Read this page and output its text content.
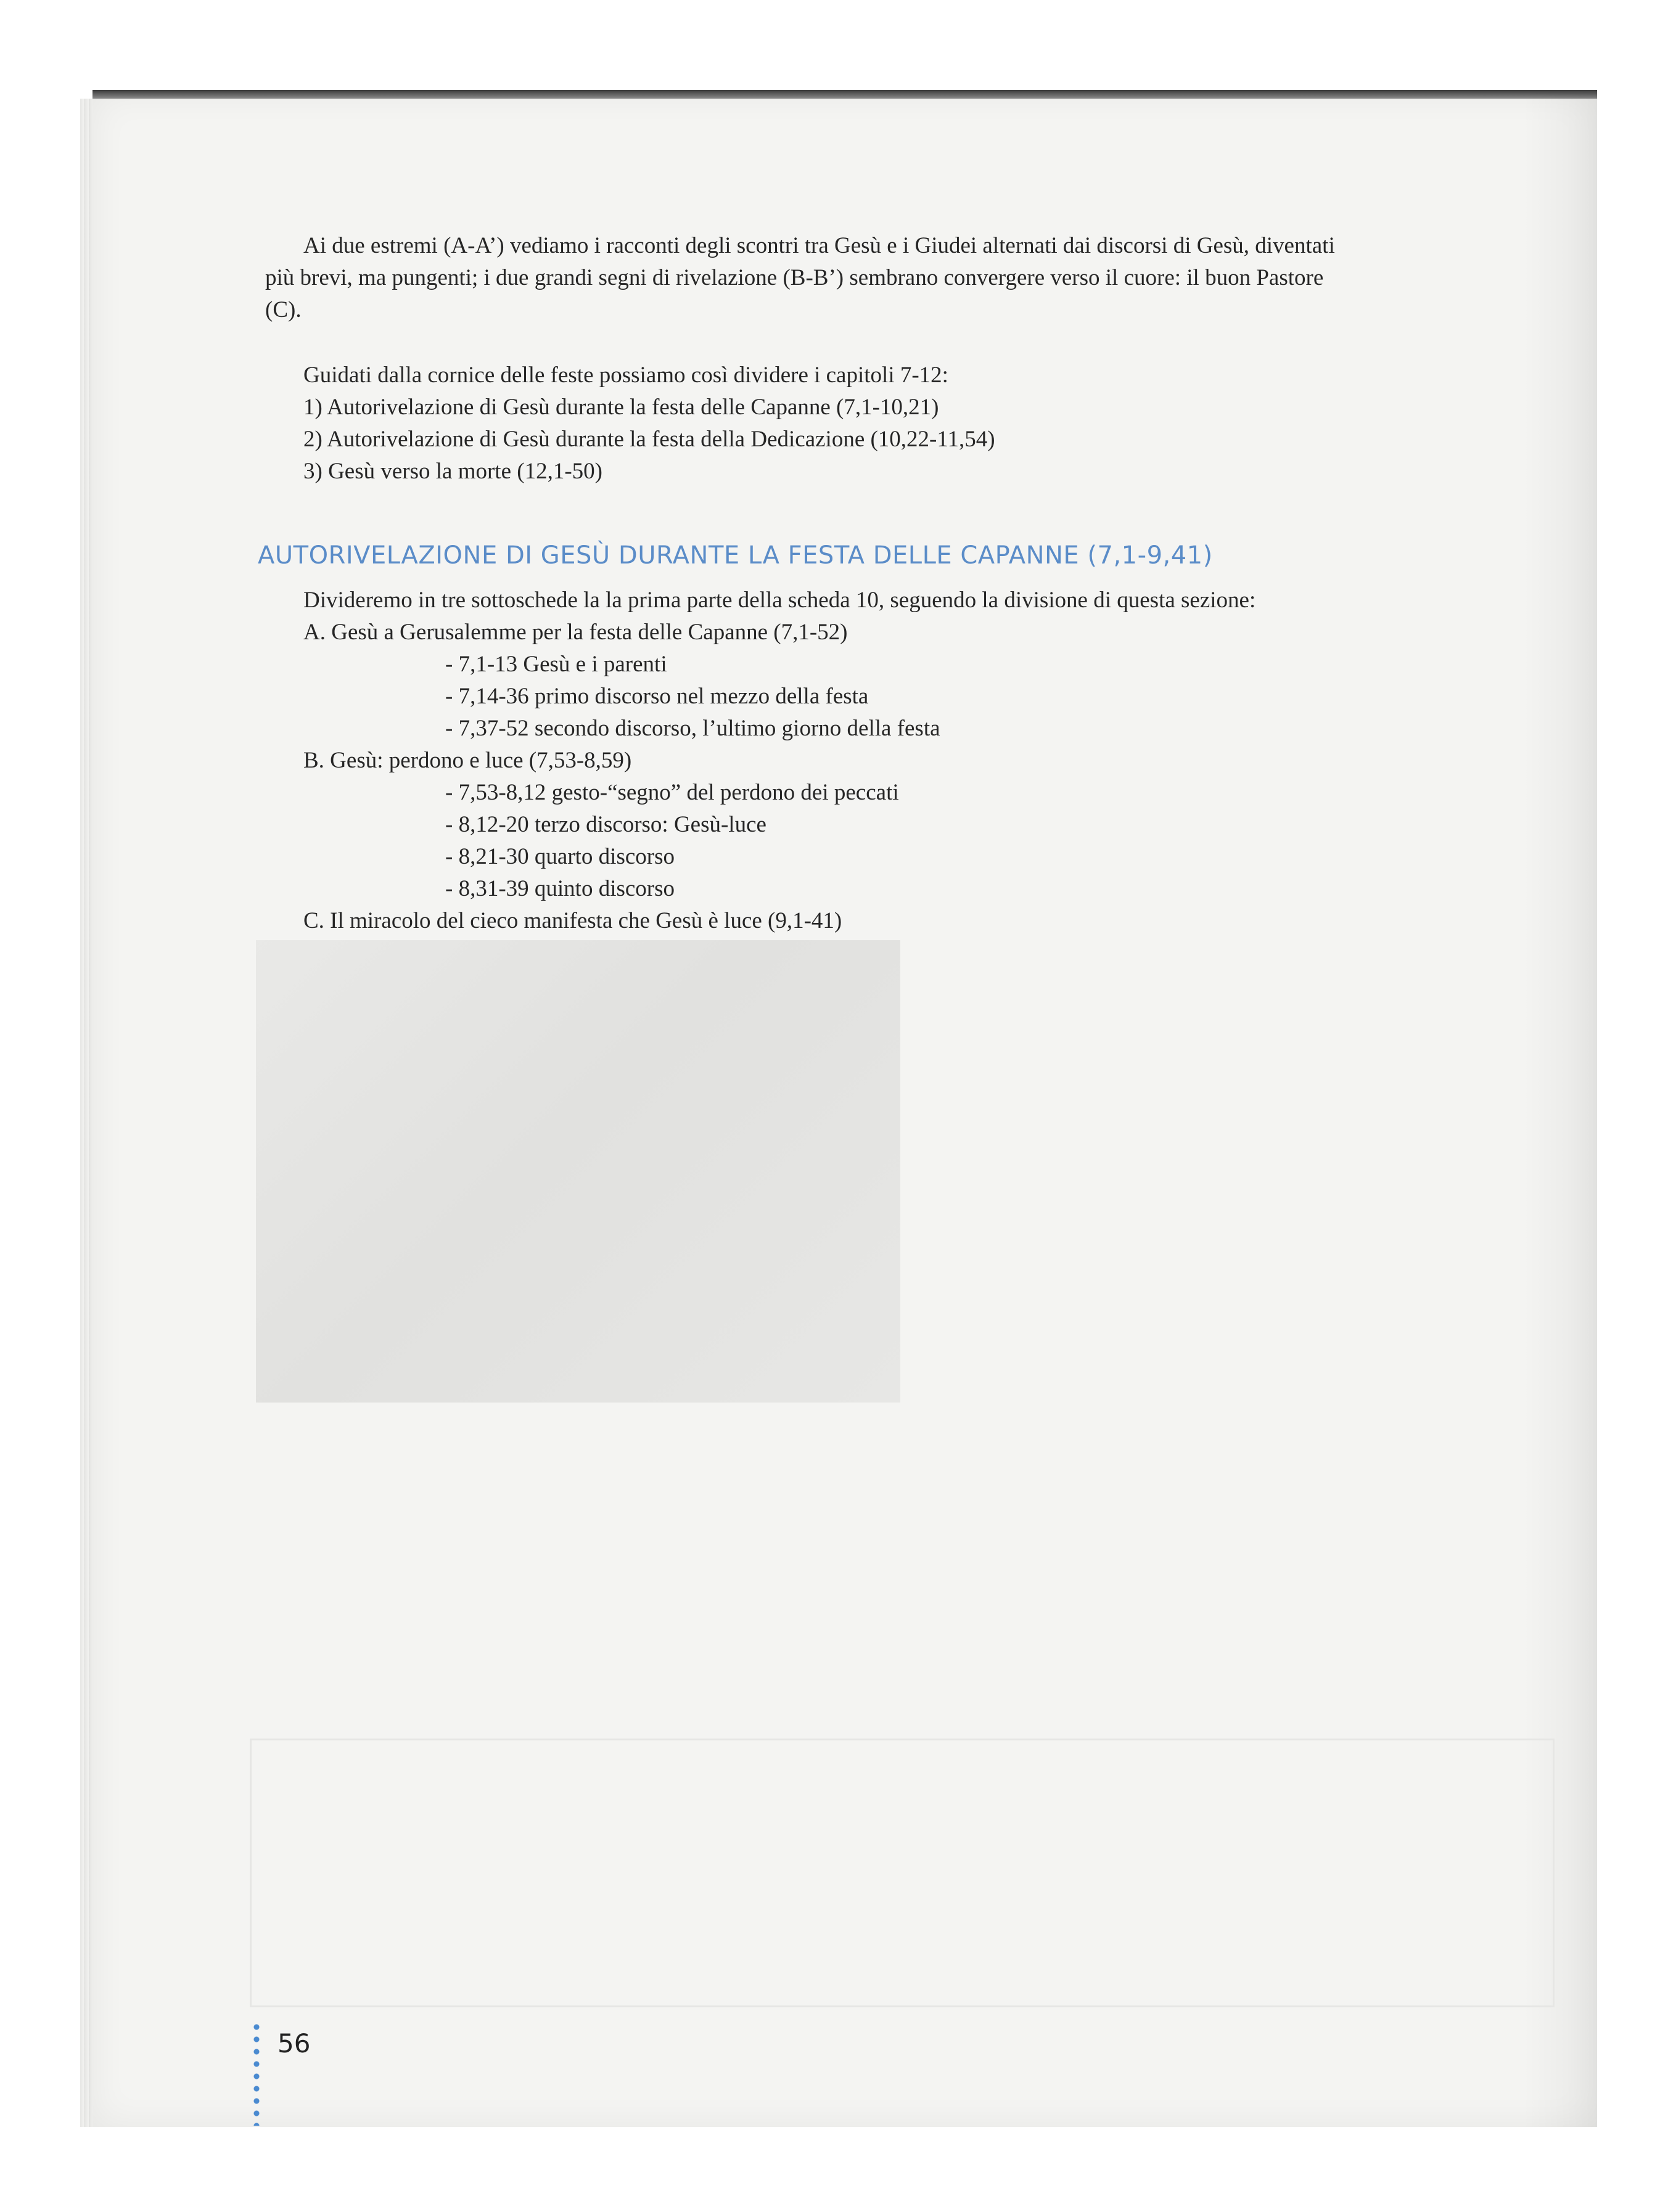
Ai due estremi (A-A’) vediamo i racconti degli scontri tra Gesù e i Giudei alternati dai discorsi di Gesù, diventati
più brevi, ma pungenti; i due grandi segni di rivelazione (B-B’) sembrano convergere verso il cuore: il buon Pastore
(C).
Guidati dalla cornice delle feste possiamo così dividere i capitoli 7-12:
1) Autorivelazione di Gesù durante la festa delle Capanne (7,1-10,21)
2) Autorivelazione di Gesù durante la festa della Dedicazione (10,22-11,54)
3) Gesù verso la morte (12,1-50)
AUTORIVELAZIONE DI GESÙ DURANTE LA FESTA DELLE CAPANNE (7,1-9,41)
Divideremo in tre sottoschede la la prima parte della scheda 10, seguendo la divisione di questa sezione:
A. Gesù a Gerusalemme per la festa delle Capanne (7,1-52)
- 7,1-13 Gesù e i parenti
- 7,14-36 primo discorso nel mezzo della festa
- 7,37-52 secondo discorso, l’ultimo giorno della festa
B. Gesù: perdono e luce (7,53-8,59)
- 7,53-8,12 gesto-“segno” del perdono dei peccati
- 8,12-20 terzo discorso: Gesù-luce
- 8,21-30 quarto discorso
- 8,31-39 quinto discorso
C. Il miracolo del cieco manifesta che Gesù è luce (9,1-41)
56
